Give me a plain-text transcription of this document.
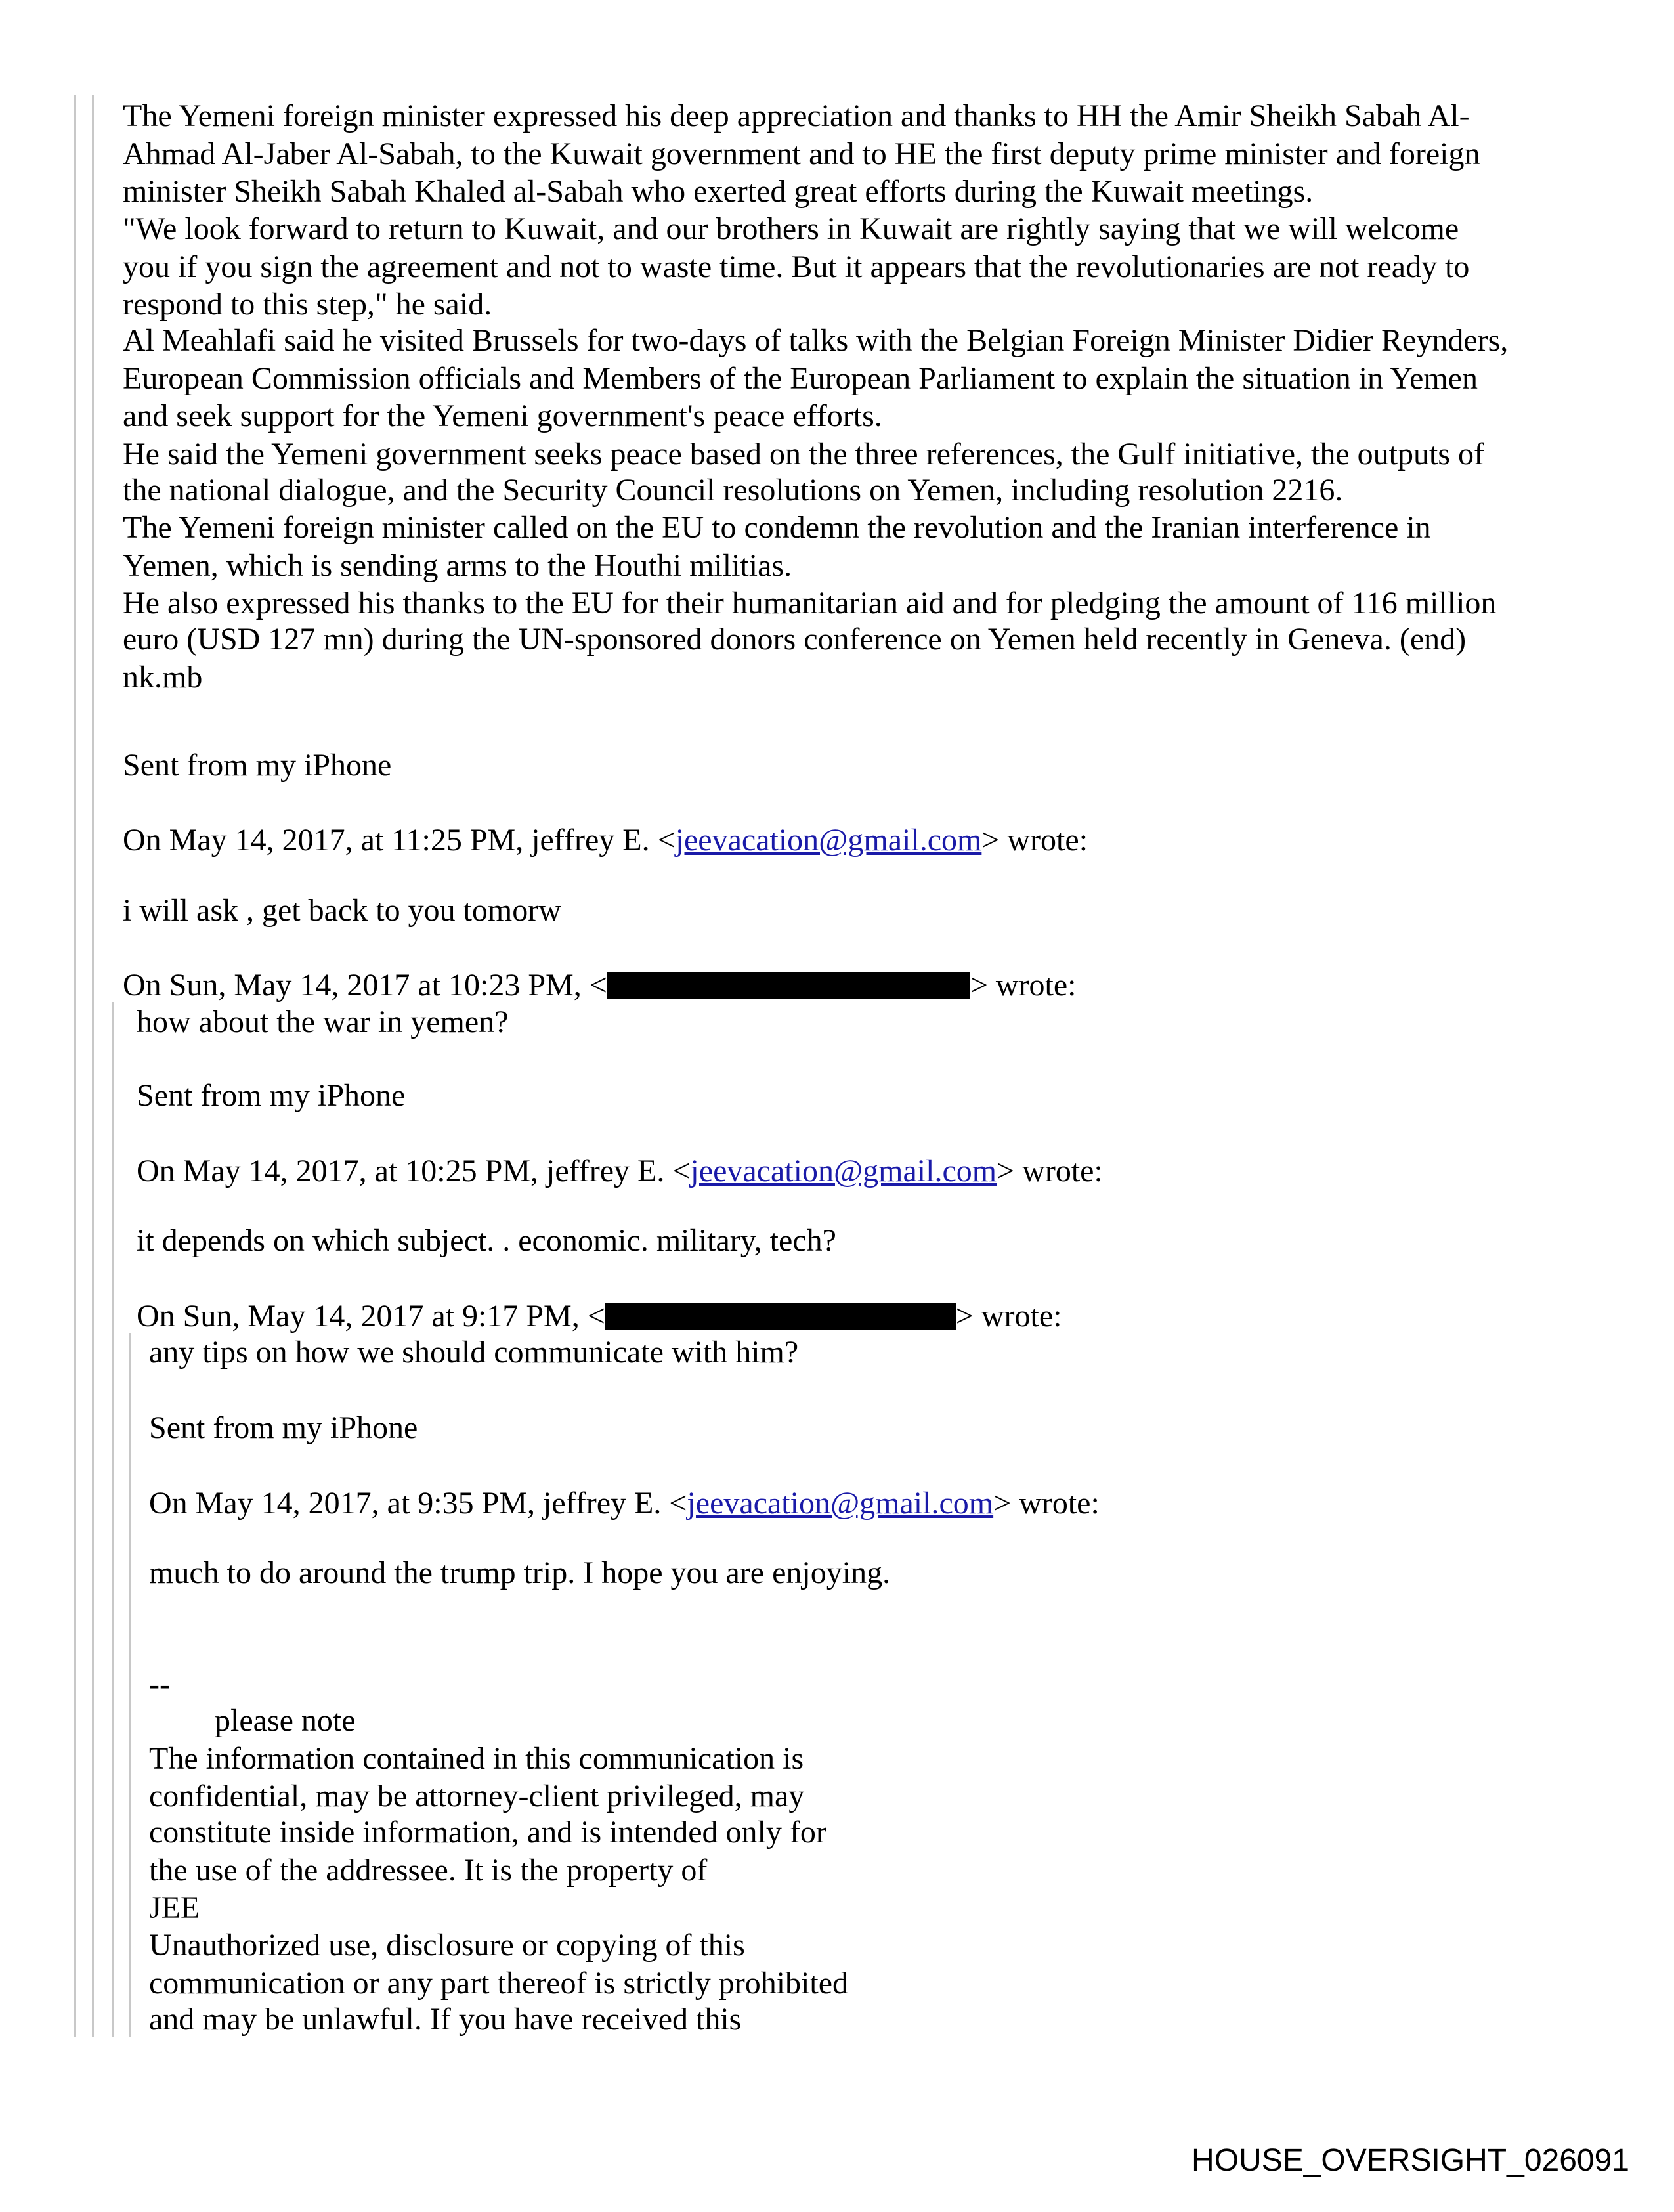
The Yemeni foreign minister expressed his deep appreciation and thanks to HH the Amir Sheikh Sabah Al-
Ahmad Al-Jaber Al-Sabah, to the Kuwait government and to HE the first deputy prime minister and foreign
minister Sheikh Sabah Khaled al-Sabah who exerted great efforts during the Kuwait meetings.
"We look forward to return to Kuwait, and our brothers in Kuwait are rightly saying that we will welcome
you if you sign the agreement and not to waste time. But it appears that the revolutionaries are not ready to
respond to this step," he said.
Al Meahlafi said he visited Brussels for two-days of talks with the Belgian Foreign Minister Didier Reynders,
European Commission officials and Members of the European Parliament to explain the situation in Yemen
and seek support for the Yemeni government's peace efforts.
He said the Yemeni government seeks peace based on the three references, the Gulf initiative, the outputs of
the national dialogue, and the Security Council resolutions on Yemen, including resolution 2216.
The Yemeni foreign minister called on the EU to condemn the revolution and the Iranian interference in
Yemen, which is sending arms to the Houthi militias.
He also expressed his thanks to the EU for their humanitarian aid and for pledging the amount of 116 million
euro (USD 127 mn) during the UN-sponsored donors conference on Yemen held recently in Geneva. (end)
nk.mb
Sent from my iPhone
On May 14, 2017, at 11:25 PM, jeffrey E. <jeevacation@gmail.com> wrote:
i will ask , get back to you tomorw
On Sun, May 14, 2017 at 10:23 PM, <	> wrote:
how about the war in yemen?
Sent from my iPhone
On May 14, 2017, at 10:25 PM, jeffrey E. <jeevacation@gmail.com> wrote:
it depends on which subject. . economic. military, tech?
On Sun, May 14, 2017 at 9:17 PM, <	> wrote:
any tips on how we should communicate with him?
Sent from my iPhone
On May 14, 2017, at 9:35 PM, jeffrey E. <jeevacation@gmail.com> wrote:
much to do around the trump trip. I hope you are enjoying.
--
please note
The information contained in this communication is
confidential, may be attorney-client privileged, may
constitute inside information, and is intended only for
the use of the addressee. It is the property of
JEE
Unauthorized use, disclosure or copying of this
communication or any part thereof is strictly prohibited
and may be unlawful. If you have received this
HOUSE_OVERSIGHT_026091
